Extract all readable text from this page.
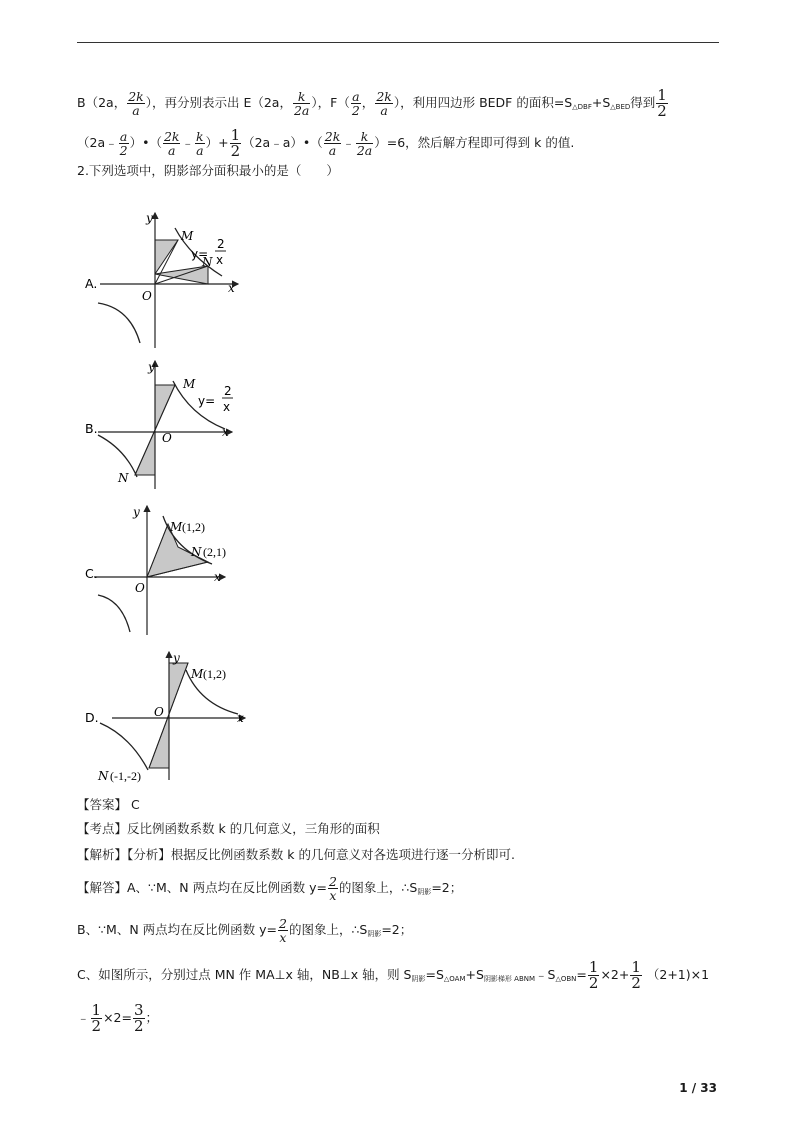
B（2a， $\frac{2k}{a}$ ），再分别表示出 E（2a， $\frac{k}{2a}$ ），$F( \frac{a}{2}$ ， $\frac{2k}{a}$ ），利用四边形 BEDF 的面积$=S_{\triangle DBF}+S_{\triangle BED}$得到 $\frac{1}{2}$
（2a﹣ $\frac{a}{2}$ ）•（ $\frac{2k}{a}$ ﹣ $\frac{k}{a}$ ）+ $\frac{1}{2}$ （2a﹣a）•（ $\frac{2k}{a}$ ﹣ $\frac{k}{2a} )=6$，然后解方程即可得到 k 的值.
2.下列选项中，阴影部分面积最小的是（　　）
A.
y
x
O
M
N
y=
2
x
B.
y
x
O
M
N
y=
2
x
C.
y
x
O
M (1,2)
N (2,1)
D.
y
x
O
M (1,2)
N (-1,-2)
【答案】 C
【考点】反比例函数系数 k 的几何意义，三角形的面积
【解析】【分析】根据反比例函数系数 k 的几何意义对各选项进行逐一分析即可.
【解答】A、∵M、N 两点均在反比例函数 $y= \frac{2}{x}$ 的图象上，$\therefore S_{阴影}=2$；
B、∵M、N 两点均在反比例函数 $y= \frac{2}{x}$ 的图象上，$\therefore S_{阴影}=2$；
C、如图所示，分别过点 MN 作 MA⊥x 轴，NB⊥x 轴，则 $S_{阴影}=S_{\triangle OAM}+S_{阴影梯形 ABNM}﹣S_{\triangle OBN}= \frac{1}{2} \times 2+ \frac{1}{2} (2+1)\times 1$
﹣ $\frac{1}{2} \times 2= \frac{3}{2}$ ；
1 / 33
